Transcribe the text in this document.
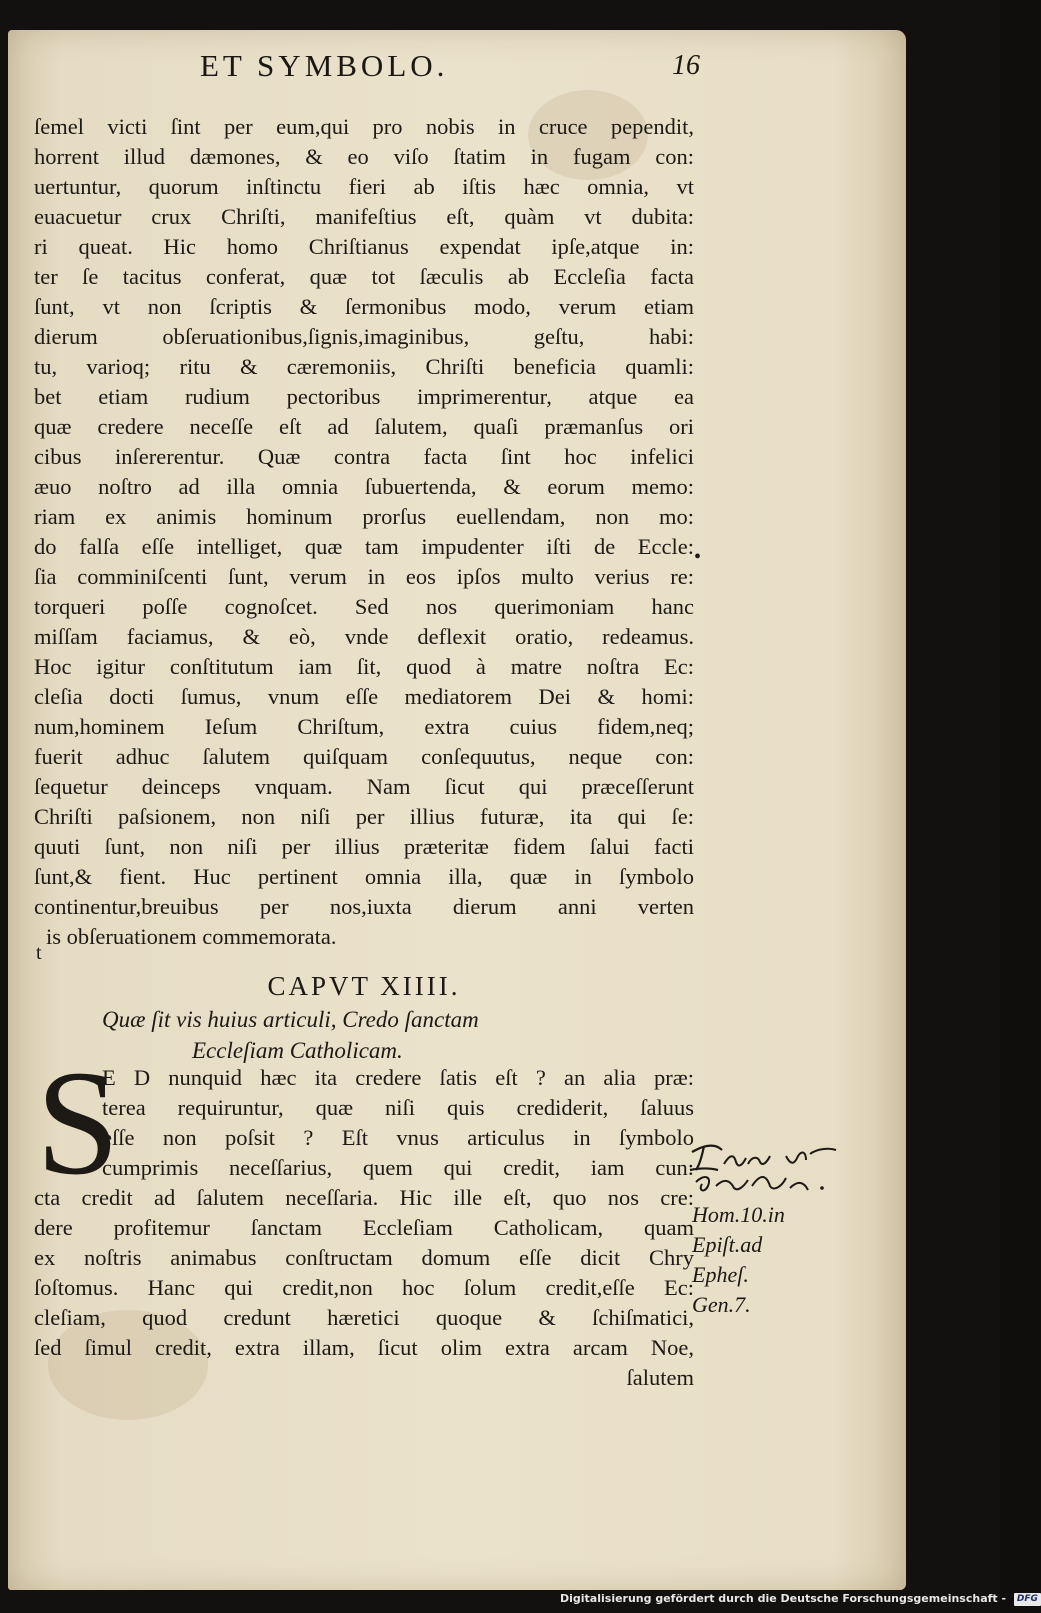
ET SYMBOLO.	16
ſemel victi ſint per eum,qui pro nobis in cruce pependit,
horrent illud dæmones, & eo viſo ſtatim in fugam con:
uertuntur, quorum inſtinctu fieri ab iſtis hæc omnia, vt
euacuetur crux Chriſti, manifeſtius eſt, quàm vt dubita:
ri queat. Hic homo Chriſtianus expendat ipſe,atque in:
ter ſe tacitus conferat, quæ tot ſæculis ab Eccleſia facta
ſunt, vt non ſcriptis & ſermonibus modo, verum etiam
dierum obſeruationibus,ſignis,imaginibus, geſtu, habi:
tu, varioq; ritu & cæremoniis, Chriſti beneficia quamli:
bet etiam rudium pectoribus imprimerentur, atque ea
quæ credere neceſſe eſt ad ſalutem, quaſi præmanſus ori
cibus inſererentur. Quæ contra facta ſint hoc infelici
æuo noſtro ad illa omnia ſubuertenda, & eorum memo:
riam ex animis hominum prorſus euellendam, non mo:
do falſa eſſe intelliget, quæ tam impudenter iſti de Eccle:
ſia comminiſcenti ſunt, verum in eos ipſos multo verius re:
torqueri poſſe cognoſcet. Sed nos querimoniam hanc
miſſam faciamus, & eò, vnde deflexit oratio, redeamus.
Hoc igitur conſtitutum iam ſit, quod à matre noſtra Ec:
cleſia docti ſumus, vnum eſſe mediatorem Dei & homi:
num,hominem Ieſum Chriſtum, extra cuius fidem,neq;
fuerit adhuc ſalutem quiſquam conſequutus, neque con:
ſequetur deinceps vnquam. Nam ſicut qui præceſſerunt
Chriſti paſsionem, non niſi per illius futuræ, ita qui ſe:
quuti ſunt, non niſi per illius præteritæ fidem ſalui facti
ſunt,& fient. Huc pertinent omnia illa, quæ in ſymbolo
continentur,breuibus per nos,iuxta dierum anni verten
is obſeruationem commemorata.
t
•
CAPVT XIIII.
Quæ ſit vis huius articuli, Credo ſanctam
Eccleſiam Catholicam.
S
E D nunquid hæc ita credere ſatis eſt ? an alia præ:
terea requiruntur, quæ niſi quis crediderit, ſaluus
eſſe non poſsit ? Eſt vnus articulus in ſymbolo
cumprimis neceſſarius, quem qui credit, iam cun:
cta credit ad ſalutem neceſſaria. Hic ille eſt, quo nos cre:
dere profitemur ſanctam Eccleſiam Catholicam, quam
ex noſtris animabus conſtructam domum eſſe dicit Chry
ſoſtomus. Hanc qui credit,non hoc ſolum credit,eſſe Ec:
cleſiam, quod credunt hæretici quoque & ſchiſmatici,
ſed ſimul credit, extra illam, ſicut olim extra arcam Noe,
ſalutem
Hom.10.in
Epiſt.ad
Epheſ.
Gen.7.
Digitalisierung gefördert durch die Deutsche Forschungsgemeinschaft - DFG
